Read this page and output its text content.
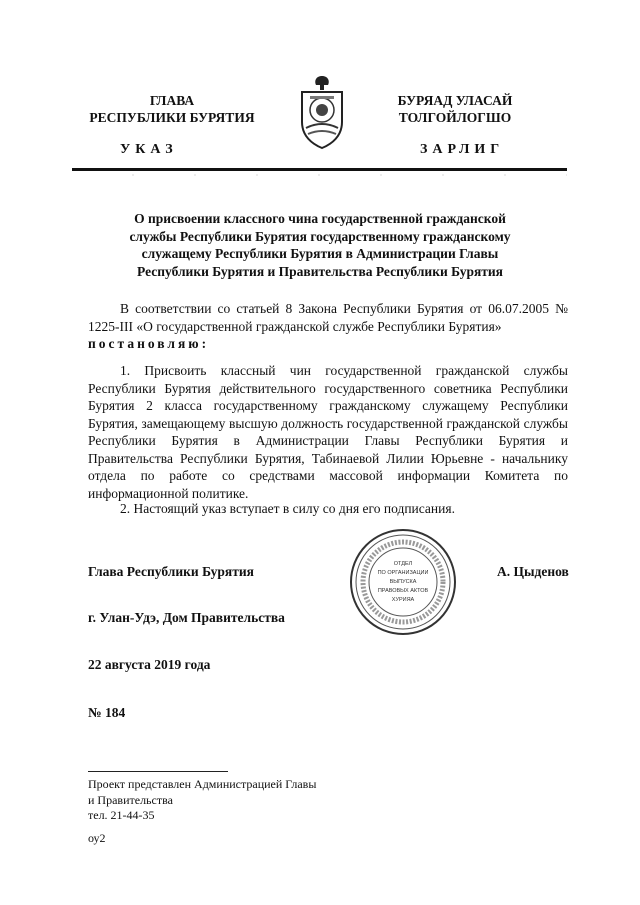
ГЛАВА
РЕСПУБЛИКИ БУРЯТИЯ
БУРЯАД УЛАСАЙ
ТОЛГОЙЛОГШО
УКАЗ	ЗАРЛИГ
О присвоении классного чина государственной гражданской
службы Республики Бурятия государственному гражданскому
служащему Республики Бурятия в Администрации Главы
Республики Бурятия и Правительства Республики Бурятия
В соответствии со статьей 8 Закона Республики Бурятия от 06.07.2005 № 1225-III «О государственной гражданской службе Республики Бурятия»
постановляю:
1. Присвоить классный чин государственной гражданской службы Республики Бурятия действительного государственного советника Республики Бурятия 2 класса государственному гражданскому служащему Республики Бурятия, замещающему высшую должность государственной гражданской службы Республики Бурятия в Администрации Главы Республики Бурятия и Правительства Республики Бурятия, Табинаевой Лилии Юрьевне - начальнику отдела по работе со средствами массовой информации Комитета по информационной политике.
2. Настоящий указ вступает в силу со дня его подписания.
Глава Республики Бурятия	ОТДЕЛ
ПО ОРГАНИЗАЦИИ
ВЫПУСКА
ПРАВОВЫХ АКТОВ
ХУРИЯА
А. Цыденов
г. Улан-Удэ, Дом Правительства
22 августа 2019 года
№ 184
Проект представлен Администрацией Главы
и Правительства
тел. 21-44-35
оу2
